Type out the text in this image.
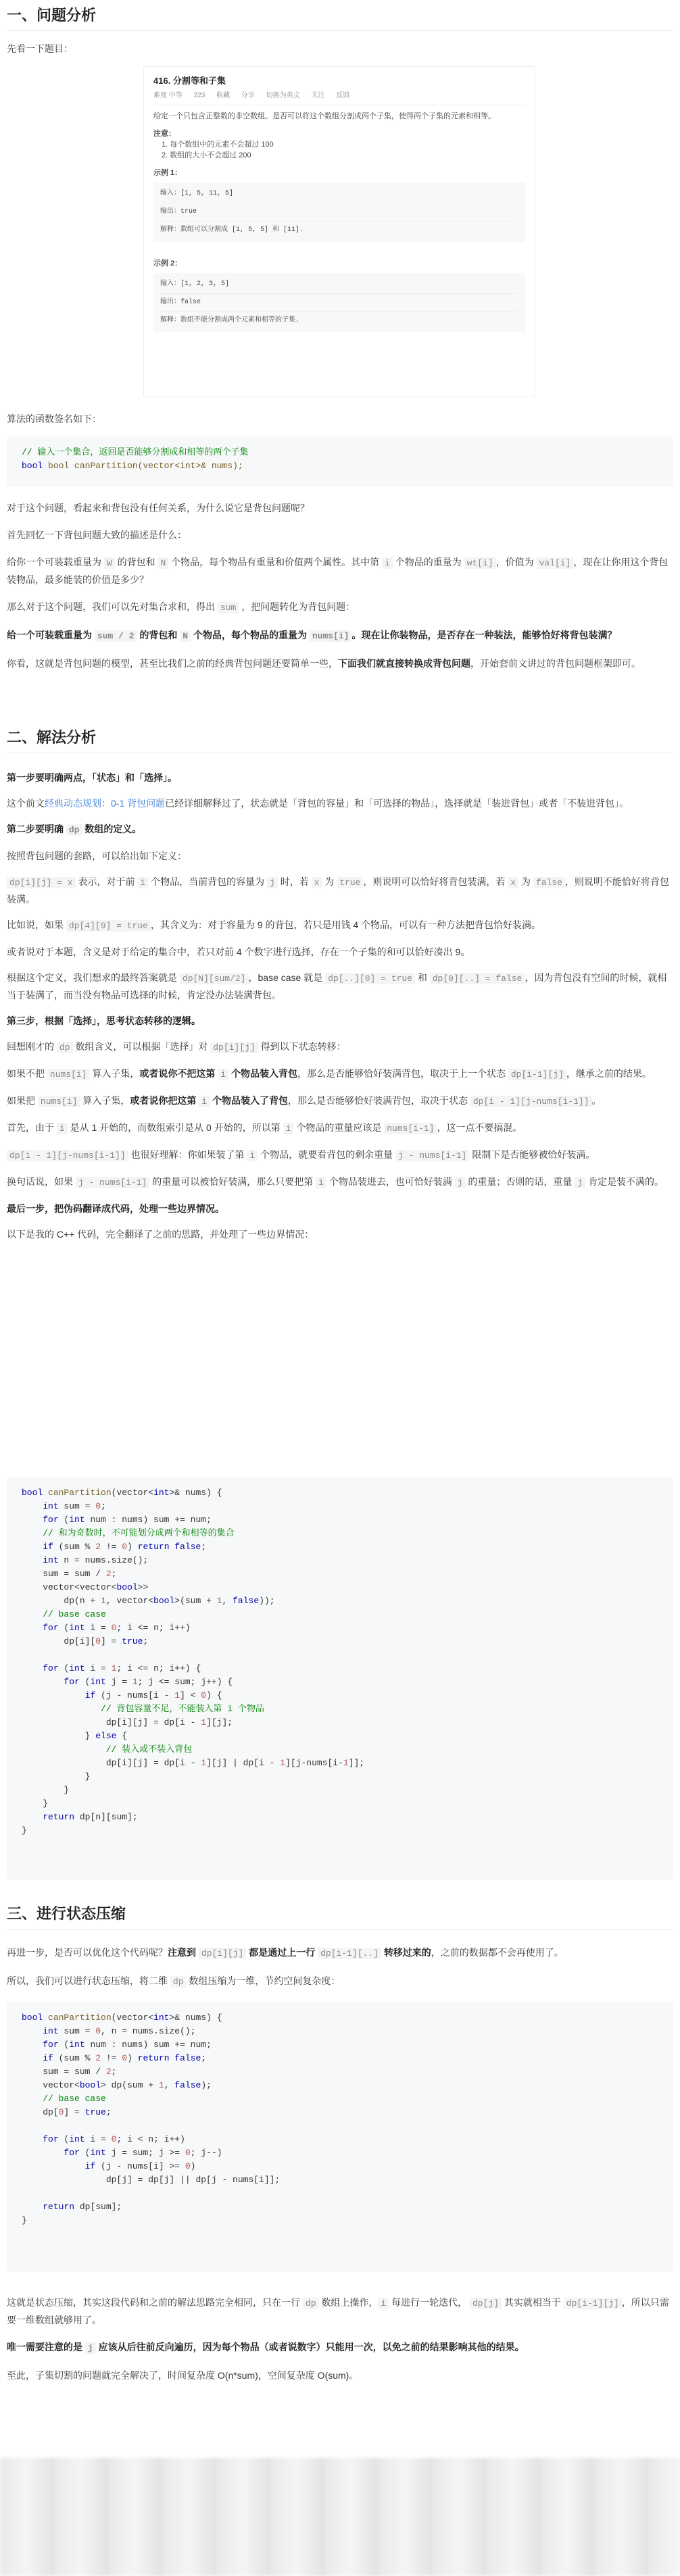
一、问题分析

先看一下题目：

416. 分割等和子集
难度 中等 223 收藏 分享 切换为英文 关注 反馈
给定一个只包含正整数的非空数组。是否可以将这个数组分割成两个子集，使得两个子集的元素和相等。
注意：
1. 每个数组中的元素不会超过 100
2. 数组的大小不会超过 200
示例 1：
输入：[1, 5, 11, 5]
输出：true
解释：数组可以分割成 [1, 5, 5] 和 [11].
示例 2：
输入：[1, 2, 3, 5]
输出：false
解释：数组不能分割成两个元素和相等的子集.

算法的函数签名如下：

// 输入一个集合，返回是否能够分割成和相等的两个子集
bool bool canPartition(vector<int>& nums);

对于这个问题，看起来和背包没有任何关系，为什么说它是背包问题呢？

首先回忆一下背包问题大致的描述是什么：

给你一个可装载重量为 W 的背包和 N 个物品，每个物品有重量和价值两个属性。其中第 i 个物品的重量为 wt[i] ，价值为 val[i] ，现在让你用这个背包装物品，最多能装的价值是多少？

那么对于这个问题，我们可以先对集合求和，得出 sum ，把问题转化为背包问题：

给一个可装载重量为 sum / 2 的背包和 N 个物品，每个物品的重量为 nums[i] 。现在让你装物品，是否存在一种装法，能够恰好将背包装满？

你看，这就是背包问题的模型，甚至比我们之前的经典背包问题还要简单一些，下面我们就直接转换成背包问题，开始套前文讲过的背包问题框架即可。

二、解法分析

第一步要明确两点，「状态」和「选择」。

这个前文经典动态规划：0-1 背包问题已经详细解释过了，状态就是「背包的容量」和「可选择的物品」，选择就是「装进背包」或者「不装进背包」。

第二步要明确 dp 数组的定义。

按照背包问题的套路，可以给出如下定义：

dp[i][j] = x 表示，对于前 i 个物品，当前背包的容量为 j 时，若 x 为 true ，则说明可以恰好将背包装满，若 x 为 false ，则说明不能恰好将背包装满。

比如说，如果 dp[4][9] = true ，其含义为：对于容量为 9 的背包，若只是用钱 4 个物品，可以有一种方法把背包恰好装满。

或者说对于本题，含义是对于给定的集合中，若只对前 4 个数字进行选择，存在一个子集的和可以恰好凑出 9。

根据这个定义，我们想求的最终答案就是 dp[N][sum/2] ，base case 就是 dp[..][0] = true 和 dp[0][..] = false ，因为背包没有空间的时候，就相当于装满了，而当没有物品可选择的时候，肯定没办法装满背包。

第三步，根据「选择」，思考状态转移的逻辑。

回想刚才的 dp 数组含义，可以根据「选择」对 dp[i][j] 得到以下状态转移：

如果不把 nums[i] 算入子集，或者说你不把这第 i 个物品装入背包，那么是否能够恰好装满背包，取决于上一个状态 dp[i-1][j] ，继承之前的结果。

如果把 nums[i] 算入子集，或者说你把这第 i 个物品装入了背包，那么是否能够恰好装满背包，取决于状态 dp[i - 1][j-nums[i-1]] 。

首先，由于 i 是从 1 开始的，而数组索引是从 0 开始的，所以第 i 个物品的重量应该是 nums[i-1] ，这一点不要搞混。

dp[i - 1][j-nums[i-1]] 也很好理解：你如果装了第 i 个物品，就要看背包的剩余重量 j - nums[i-1] 限制下是否能够被恰好装满。

换句话说，如果 j - nums[i-1] 的重量可以被恰好装满，那么只要把第 i 个物品装进去，也可恰好装满 j 的重量；否则的话，重量 j 肯定是装不满的。

最后一步，把伪码翻译成代码，处理一些边界情况。

以下是我的 C++ 代码，完全翻译了之前的思路，并处理了一些边界情况：

bool canPartition(vector<int>& nums) {
int sum = 0;
for (int num : nums) sum += num;
// 和为奇数时，不可能划分成两个和相等的集合
if (sum % 2 != 0) return false;
int n = nums.size();
sum = sum / 2;
vector<vector<bool>>
dp(n + 1, vector<bool>(sum + 1, false));
// base case
for (int i = 0; i <= n; i++)
dp[i][0] = true;

for (int i = 1; i <= n; i++) {
for (int j = 1; j <= sum; j++) {
if (j - nums[i - 1] < 0) {
// 背包容量不足，不能装入第 i 个物品
dp[i][j] = dp[i - 1][j];
} else {
// 装入或不装入背包
dp[i][j] = dp[i - 1][j] | dp[i - 1][j-nums[i-1]];
}
}
}
return dp[n][sum];
}
三、进行状态压缩

再进一步，是否可以优化这个代码呢？注意到 dp[i][j] 都是通过上一行 dp[i-1][..] 转移过来的，之前的数据都不会再使用了。

所以，我们可以进行状态压缩，将二维 dp 数组压缩为一维，节约空间复杂度：

bool canPartition(vector<int>& nums) {
int sum = 0, n = nums.size();
for (int num : nums) sum += num;
if (sum % 2 != 0) return false;
sum = sum / 2;
vector<bool> dp(sum + 1, false);
// base case
dp[0] = true;

for (int i = 0; i < n; i++)
for (int j = sum; j >= 0; j--)
if (j - nums[i] >= 0)
dp[j] = dp[j] || dp[j - nums[i]];

return dp[sum];
}

这就是状态压缩，其实这段代码和之前的解法思路完全相同，只在一行 dp 数组上操作， i 每进行一轮迭代， dp[j] 其实就相当于 dp[i-1][j] ，所以只需要一维数组就够用了。

唯一需要注意的是 j 应该从后往前反向遍历，因为每个物品（或者说数字）只能用一次，以免之前的结果影响其他的结果。

至此，子集切割的问题就完全解决了，时间复杂度 O(n*sum)，空间复杂度 O(sum)。
